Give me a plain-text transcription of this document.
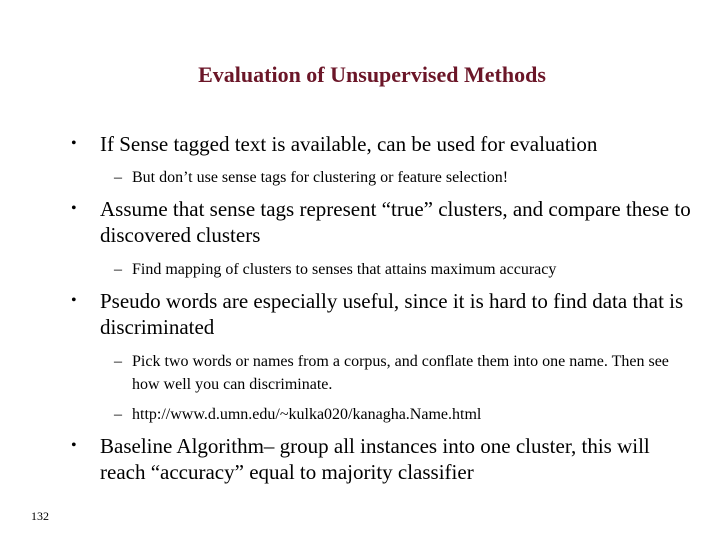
Evaluation of Unsupervised Methods
•	If Sense tagged text is available, can be used for evaluation
– But don’t use sense tags for clustering or feature selection!
•	Assume that sense tags represent “true” clusters, and compare these to discovered clusters
– Find mapping of clusters to senses that attains maximum accuracy
•	Pseudo words are especially useful, since it is hard to find data that is discriminated
– Pick two words or names from a corpus, and conflate them into one name. Then see how well you can discriminate.
– http://www.d.umn.edu/~kulka020/kanagha.Name.html
•	Baseline Algorithm– group all instances into one cluster, this will reach “accuracy” equal to majority classifier
132
